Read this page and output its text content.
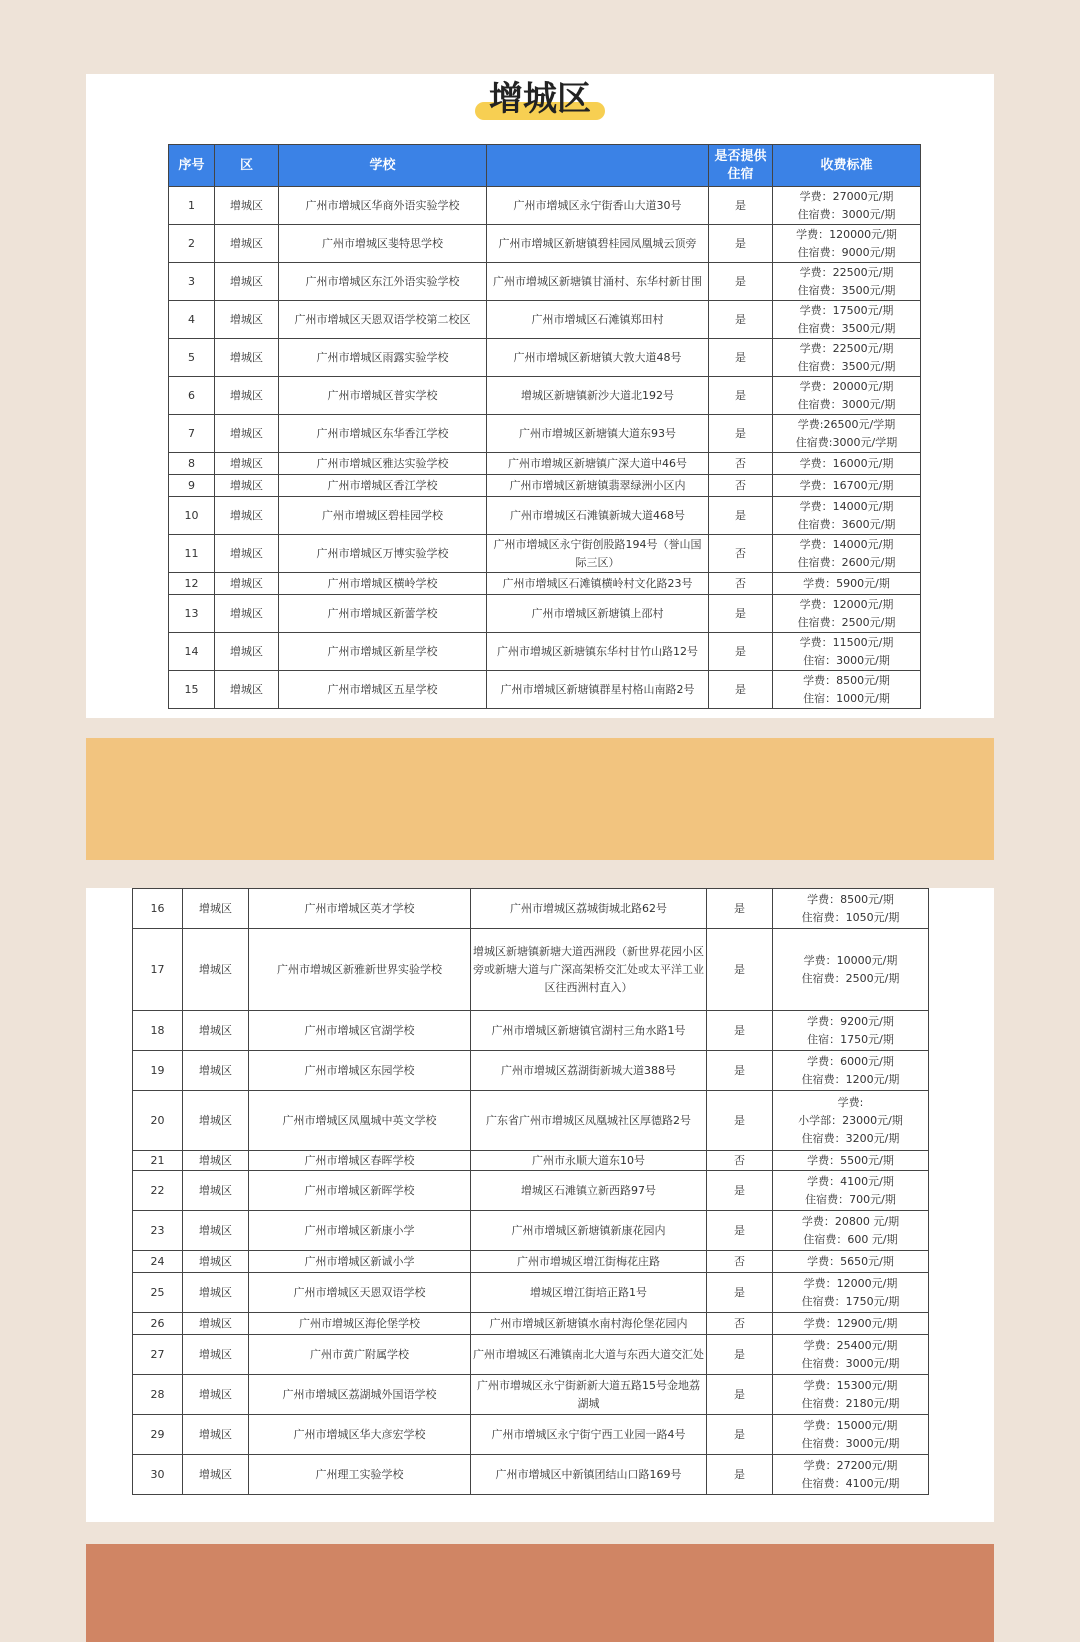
增城区
序号	区	学校		是否提供住宿	收费标准
1	增城区	广州市增城区华商外语实验学校	广州市增城区永宁街香山大道30号	是	学费：27000元/期
住宿费：3000元/期

2	增城区	广州市增城区斐特思学校	广州市增城区新塘镇碧桂园凤凰城云顶旁	是	学费：120000元/期
住宿费：9000元/期

3	增城区	广州市增城区东江外语实验学校	广州市增城区新塘镇甘涌村、东华村新甘围	是	学费：22500元/期
住宿费：3500元/期

4	增城区	广州市增城区天恩双语学校第二校区	广州市增城区石滩镇郑田村	是	学费：17500元/期
住宿费：3500元/期

5	增城区	广州市增城区雨露实验学校	广州市增城区新塘镇大敦大道48号	是	学费：22500元/期
住宿费：3500元/期

6	增城区	广州市增城区普实学校	增城区新塘镇新沙大道北192号	是	学费：20000元/期
住宿费：3000元/期

7	增城区	广州市增城区东华香江学校	广州市增城区新塘镇大道东93号	是	学费:26500元/学期
住宿费:3000元/学期

8	增城区	广州市增城区雅达实验学校	广州市增城区新塘镇广深大道中46号	否	学费：16000元/期

9	增城区	广州市增城区香江学校	广州市增城区新塘镇翡翠绿洲小区内	否	学费：16700元/期

10	增城区	广州市增城区碧桂园学校	广州市增城区石滩镇新城大道468号	是	学费：14000元/期
住宿费：3600元/期

11	增城区	广州市增城区万博实验学校	广州市增城区永宁街创股路194号（誉山国际三区）	否	学费：14000元/期
住宿费：2600元/期

12	增城区	广州市增城区横岭学校	广州市增城区石滩镇横岭村文化路23号	否	学费：5900元/期

13	增城区	广州市增城区新蕾学校	广州市增城区新塘镇上邵村	是	学费：12000元/期
住宿费：2500元/期

14	增城区	广州市增城区新星学校	广州市增城区新塘镇东华村甘竹山路12号	是	学费：11500元/期
住宿：3000元/期

15	增城区	广州市增城区五星学校	广州市增城区新塘镇群星村格山南路2号	是	学费：8500元/期
住宿：1000元/期
16	增城区	广州市增城区英才学校	广州市增城区荔城街城北路62号	是	学费：8500元/期
住宿费：1050元/期

17	增城区	广州市增城区新雅新世界实验学校	增城区新塘镇新塘大道西洲段（新世界花园小区旁或新塘大道与广深高架桥交汇处或太平洋工业区往西洲村直入）	是	学费：10000元/期
住宿费：2500元/期

18	增城区	广州市增城区官湖学校	广州市增城区新塘镇官湖村三角水路1号	是	学费：9200元/期
住宿：1750元/期

19	增城区	广州市增城区东园学校	广州市增城区荔湖街新城大道388号	是	学费：6000元/期
住宿费：1200元/期

20	增城区	广州市增城区凤凰城中英文学校	广东省广州市增城区凤凰城社区厚德路2号	是	学费:
小学部：23000元/期
住宿费：3200元/期

21	增城区	广州市增城区春晖学校	广州市永顺大道东10号	否	学费：5500元/期

22	增城区	广州市增城区新晖学校	增城区石滩镇立新西路97号	是	学费：4100元/期
住宿费：700元/期

23	增城区	广州市增城区新康小学	广州市增城区新塘镇新康花园内	是	学费：20800 元/期
住宿费：600 元/期

24	增城区	广州市增城区新诚小学	广州市增城区增江街梅花庄路	否	学费：5650元/期

25	增城区	广州市增城区天恩双语学校	增城区增江街培正路1号	是	学费：12000元/期
住宿费：1750元/期

26	增城区	广州市增城区海伦堡学校	广州市增城区新塘镇水南村海伦堡花园内	否	学费：12900元/期

27	增城区	广州市黄广附属学校	广州市增城区石滩镇南北大道与东西大道交汇处	是	学费：25400元/期
住宿费：3000元/期

28	增城区	广州市增城区荔湖城外国语学校	广州市增城区永宁街新新大道五路15号金地荔湖城	是	学费：15300元/期
住宿费：2180元/期

29	增城区	广州市增城区华大彦宏学校	广州市增城区永宁街宁西工业园一路4号	是	学费：15000元/期
住宿费：3000元/期

30	增城区	广州理工实验学校	广州市增城区中新镇团结山口路169号	是	学费：27200元/期
住宿费：4100元/期
